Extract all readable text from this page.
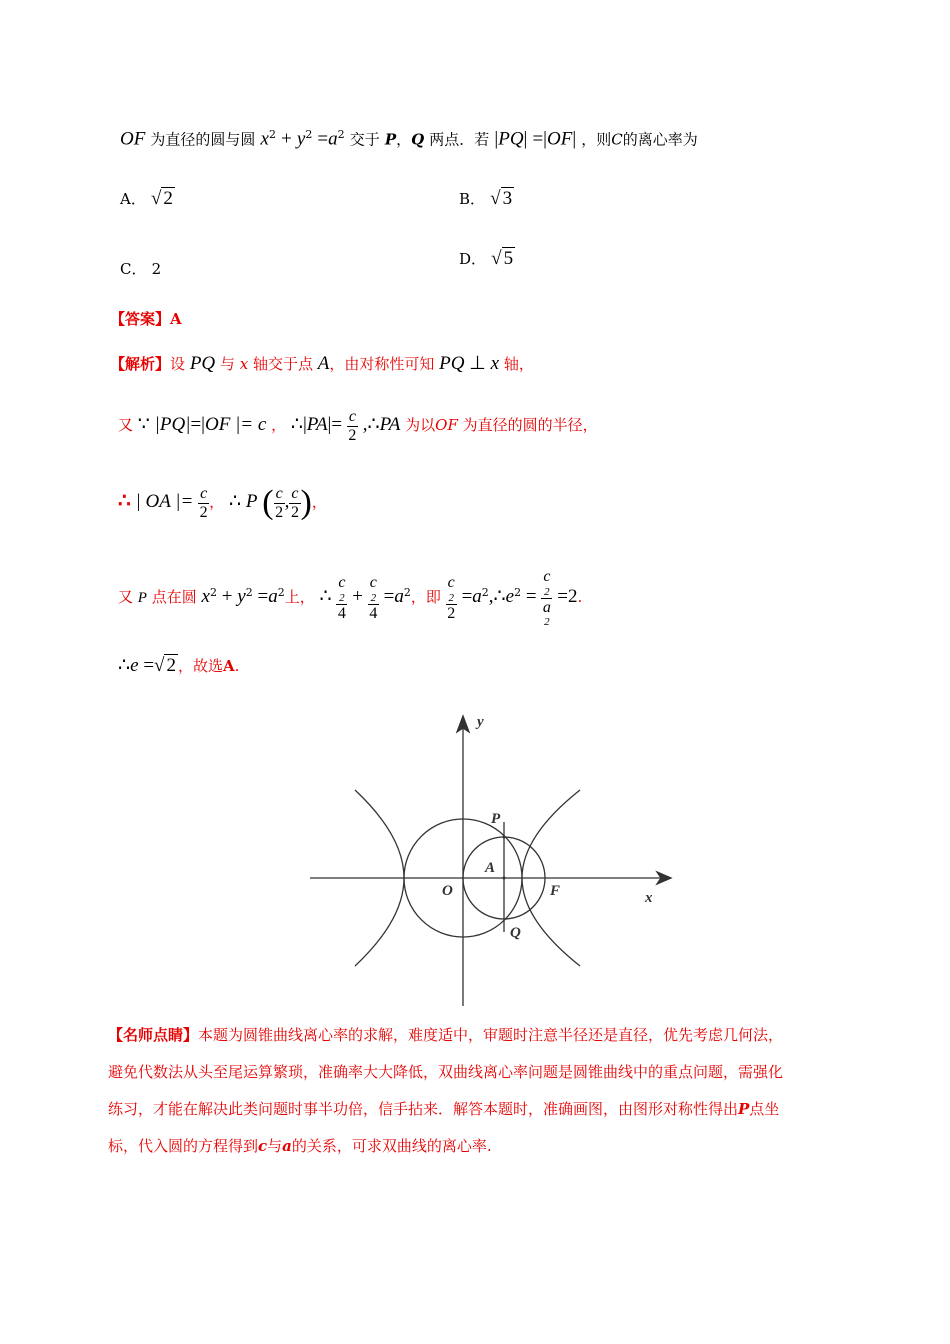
OF 为直径的圆与圆 $x^2 + y^2 =a^2$ 交于 P，Q 两点．若 |PQ| =|OF| ，则C的离心率为
A． √ 2	B． √ 3
C． 2
D． √ 5
【答案】A
【解析】设 PQ 与 x 轴交于点 A，由对称性可知 PQ ⊥ x 轴，
又 ∵ |PQ|=|OF |= c ， ∴|PA|= $\frac{c}{2}$ ,∴PA 为以OF 为直径的圆的半径，
∴ | OA |= $\frac{c}{2}$ ， ∴ P ( $\frac{c}{2}$ , $\frac{c}{2}$ )，
又 P 点在圆 $x^2 + y^2 =a^2$上， ∴ c
2
4 + c
2
$4 =a^2$，即 c
2
$2 =a^2,\therefore e^2 = c$
2
a
2 =2.
∴e =√ 2 ，故选A.
y
x
O	F
P
Q
A
【名师点睛】本题为圆锥曲线离心率的求解，难度适中，审题时注意半径还是直径，优先考虑几何法，
避免代数法从头至尾运算繁琐，准确率大大降低，双曲线离心率问题是圆锥曲线中的重点问题，需强化
练习，才能在解决此类问题时事半功倍，信手拈来．解答本题时，准确画图，由图形对称性得出P点坐
标，代入圆的方程得到c与a的关系，可求双曲线的离心率.
